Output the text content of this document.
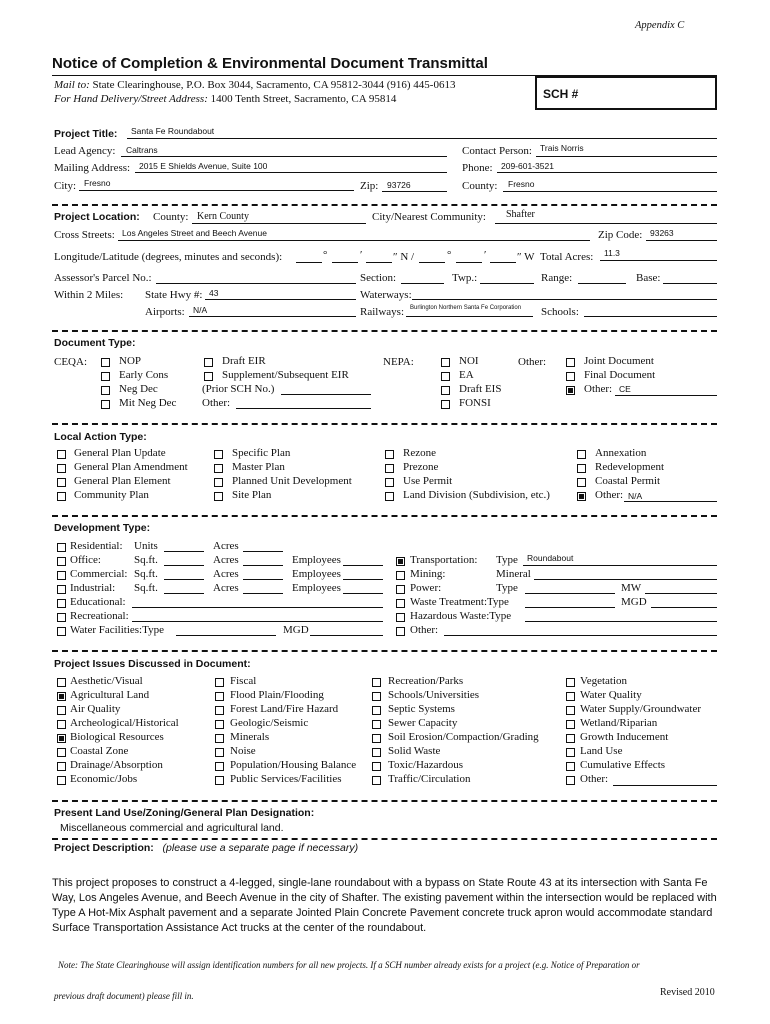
Appendix C
Notice of Completion & Environmental Document Transmittal
Mail to: State Clearinghouse, P.O. Box 3044, Sacramento, CA 95812-3044 (916) 445-0613
For Hand Delivery/Street Address: 1400 Tenth Street, Sacramento, CA 95814	SCH #
Project Title: Santa Fe Roundabout
Lead Agency: Caltrans	Contact Person: Trais Norris
Mailing Address: 2015 E Shields Avenue, Suite 100	Phone: 209-601-3521
City: Fresno	Zip: 93726	County: Fresno
Project Location: County: Kern County	City/Nearest Community: Shafter
Cross Streets: Los Angeles Street and Beech Avenue	Zip Code: 93263
Longitude/Latitude (degrees, minutes and seconds):	°	′	″ N /	°	′	″ W Total Acres: 11.3
Assessor's Parcel No.:	Section:	Twp.:	Range:	Base:
Within 2 Miles: State Hwy #: 43	Waterways:
Airports: N/A	Railways: Burlington Northern Santa Fe Corporation Schools:
Document Type:
CEQA:	NEPA:	Other:
NOP
Early Cons
Neg Dec
Mit Neg Dec
Draft EIR
Supplement/Subsequent EIR
(Prior SCH No.)
Other:
NOI
EA
Draft EIS
FONSI
Joint Document
Final Document
Other: CE
Local Action Type:
General Plan Update
General Plan Amendment
General Plan Element
Community Plan
Specific Plan
Master Plan
Planned Unit Development
Site Plan
Rezone
Prezone
Use Permit
Land Division (Subdivision, etc.)
Annexation
Redevelopment
Coastal Permit
Other: N/A
Development Type:
Residential: Units	Acres
Office:	Sq.ft.	Acres	Employees
Commercial: Sq.ft.	Acres	Employees
Industrial: Sq.ft.	Acres	Employees
Educational:
Recreational:
Water Facilities:Type	MGD
Transportation: Type Roundabout
Mining:	Mineral
Power:	Type	MW
Waste Treatment:Type	MGD
Hazardous Waste:Type
Other:
Project Issues Discussed in Document:
Aesthetic/Visual
Agricultural Land
Air Quality
Archeological/Historical
Biological Resources
Coastal Zone
Drainage/Absorption
Economic/Jobs
Fiscal
Flood Plain/Flooding
Forest Land/Fire Hazard
Geologic/Seismic
Minerals
Noise
Population/Housing Balance
Public Services/Facilities
Recreation/Parks
Schools/Universities
Septic Systems
Sewer Capacity
Soil Erosion/Compaction/Grading
Solid Waste
Toxic/Hazardous
Traffic/Circulation
Vegetation
Water Quality
Water Supply/Groundwater
Wetland/Riparian
Growth Inducement
Land Use
Cumulative Effects
Other:
Present Land Use/Zoning/General Plan Designation:
Miscellaneous commercial and agricultural land.
Project Description: (please use a separate page if necessary)
This project proposes to construct a 4-legged, single-lane roundabout with a bypass on State Route 43 at its intersection with Santa Fe Way, Los Angeles Avenue, and Beech Avenue in the city of Shafter. The existing pavement within the intersection would be replaced with Type A Hot-Mix Asphalt pavement and a separate Jointed Plain Concrete Pavement concrete truck apron would accommodate standard Surface Transportation Assistance Act trucks at the center of the roundabout.
Note: The State Clearinghouse will assign identification numbers for all new projects. If a SCH number already exists for a project (e.g. Notice of Preparation or
previous draft document) please fill in.	Revised 2010
